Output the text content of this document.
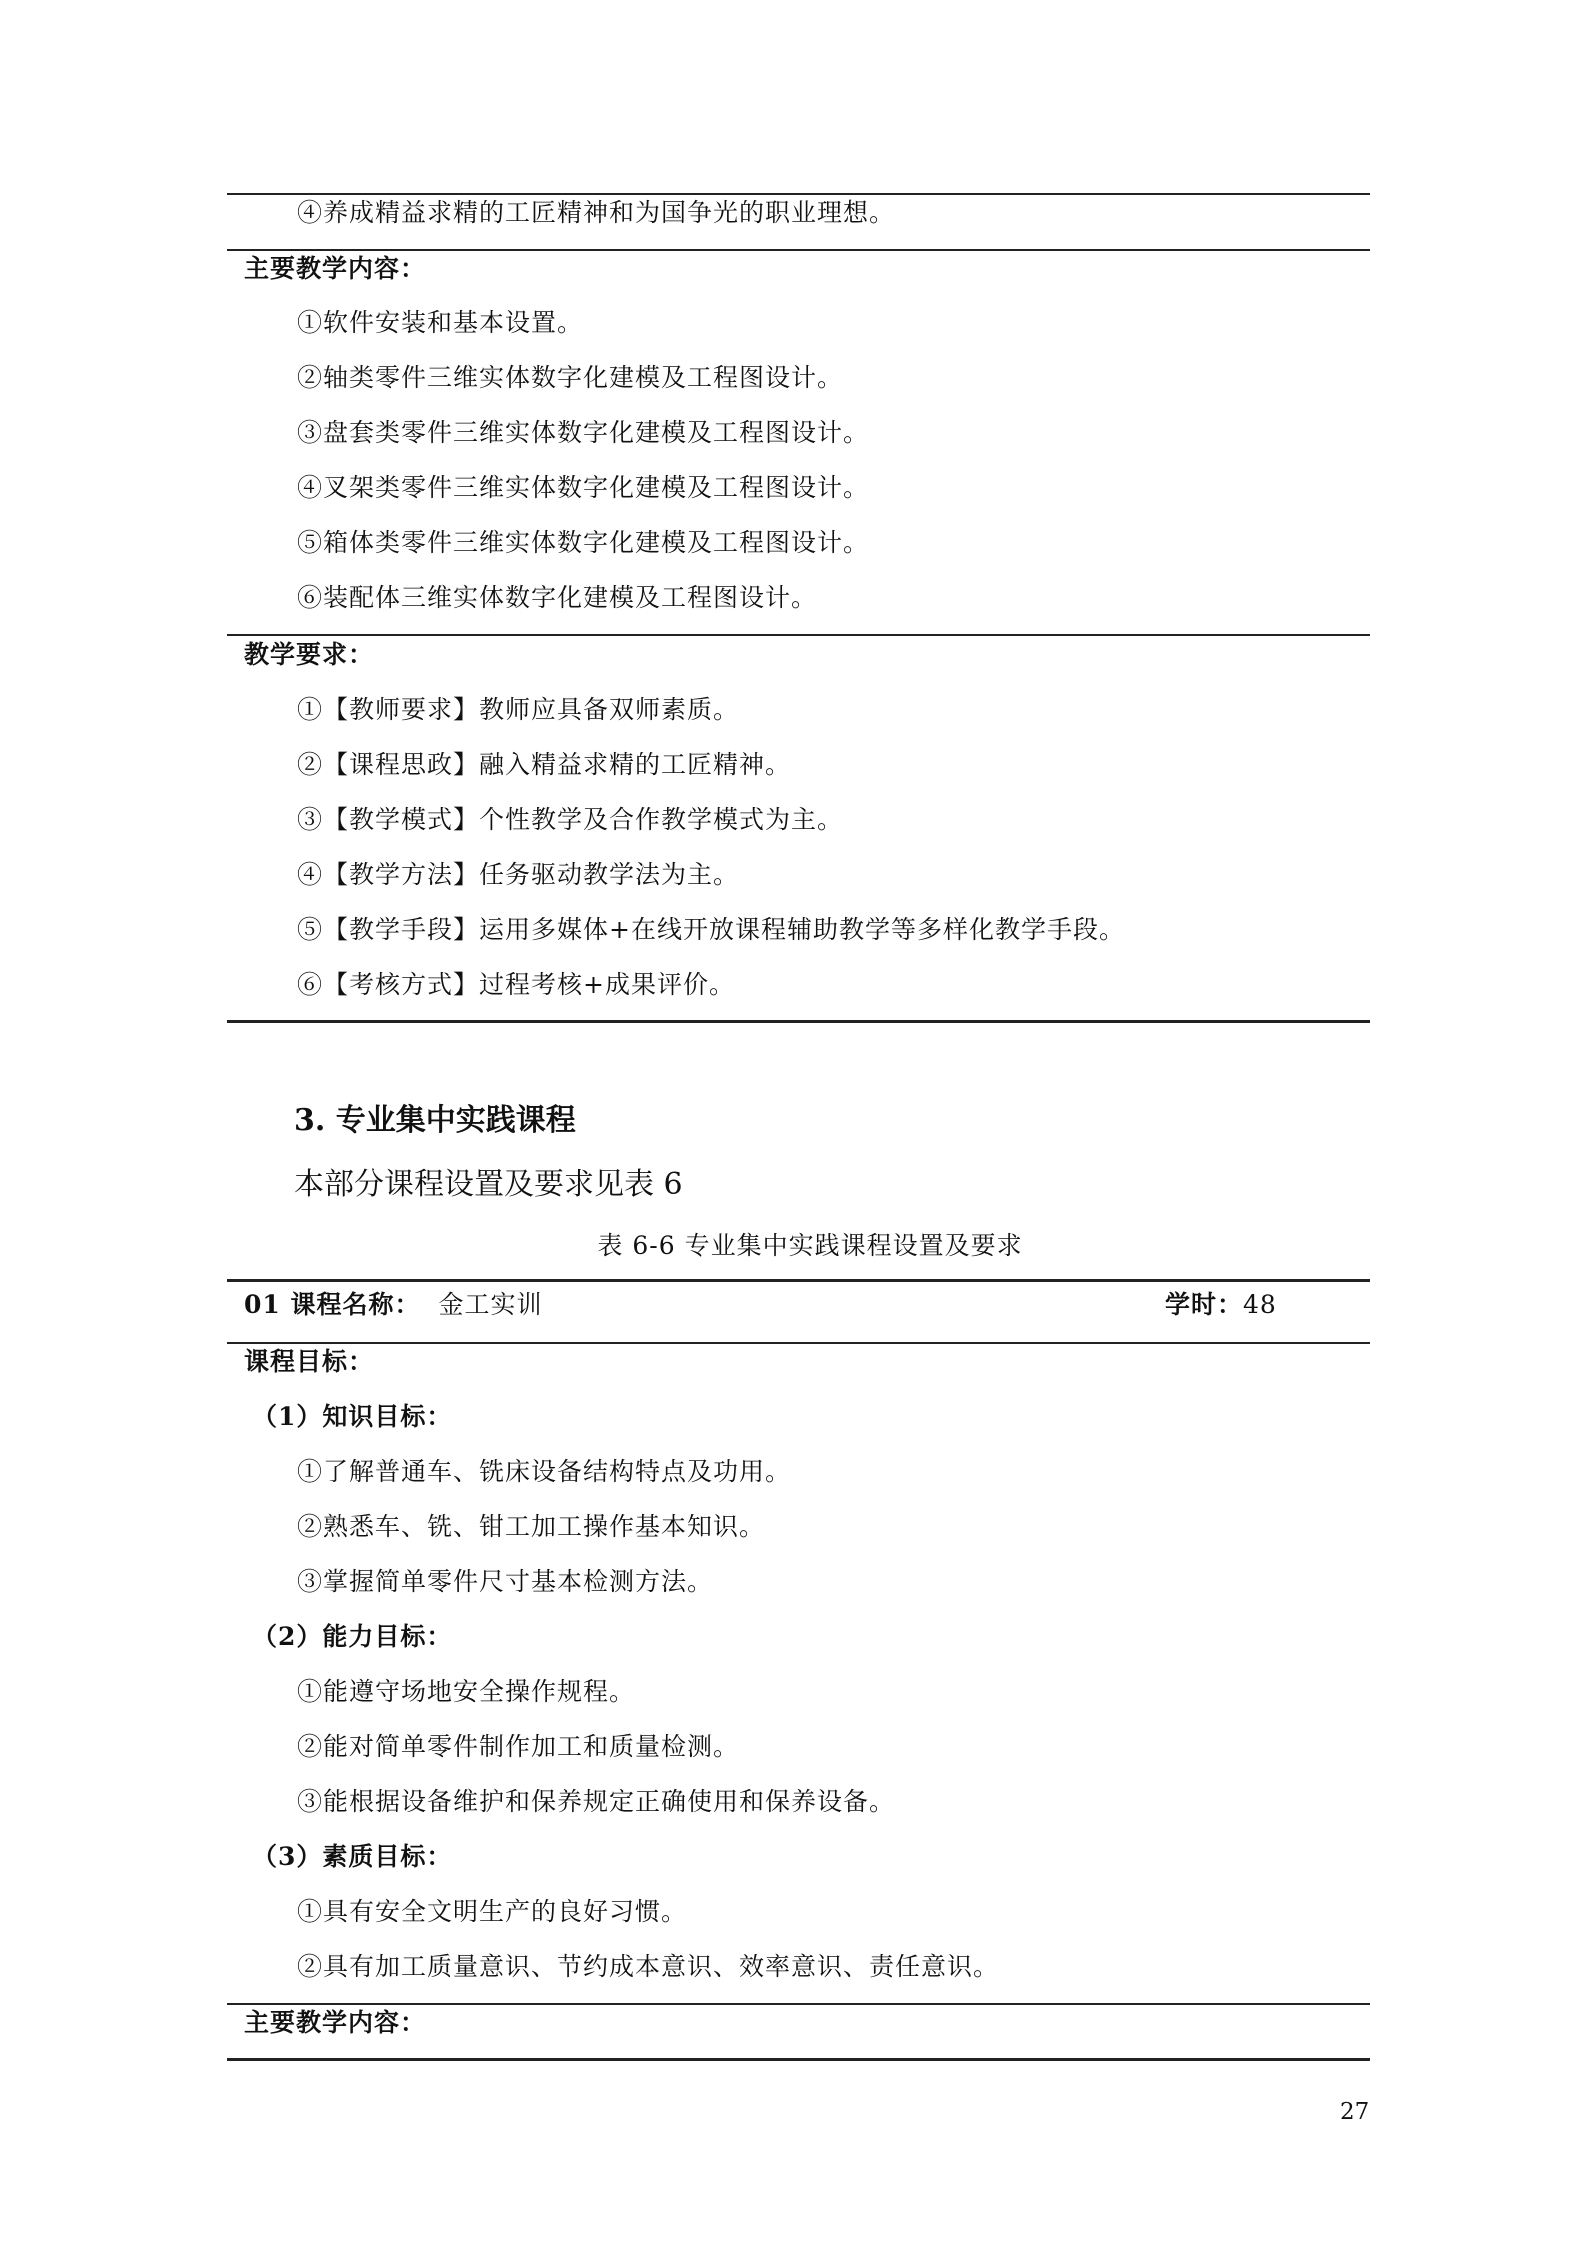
④养成精益求精的工匠精神和为国争光的职业理想。
主要教学内容：
①软件安装和基本设置。
②轴类零件三维实体数字化建模及工程图设计。
③盘套类零件三维实体数字化建模及工程图设计。
④叉架类零件三维实体数字化建模及工程图设计。
⑤箱体类零件三维实体数字化建模及工程图设计。
⑥装配体三维实体数字化建模及工程图设计。
教学要求：
①【教师要求】教师应具备双师素质。
②【课程思政】融入精益求精的工匠精神。
③【教学模式】个性教学及合作教学模式为主。
④【教学方法】任务驱动教学法为主。
⑤【教学手段】运用多媒体+在线开放课程辅助教学等多样化教学手段。
⑥【考核方式】过程考核+成果评价。
3. 专业集中实践课程
本部分课程设置及要求见表 6
表 6-6 专业集中实践课程设置及要求
01 课程名称： 金工实训	学时：48
课程目标：
（1）知识目标：
①了解普通车、铣床设备结构特点及功用。
②熟悉车、铣、钳工加工操作基本知识。
③掌握简单零件尺寸基本检测方法。
（2）能力目标：
①能遵守场地安全操作规程。
②能对简单零件制作加工和质量检测。
③能根据设备维护和保养规定正确使用和保养设备。
（3）素质目标：
①具有安全文明生产的良好习惯。
②具有加工质量意识、节约成本意识、效率意识、责任意识。
主要教学内容：
27
